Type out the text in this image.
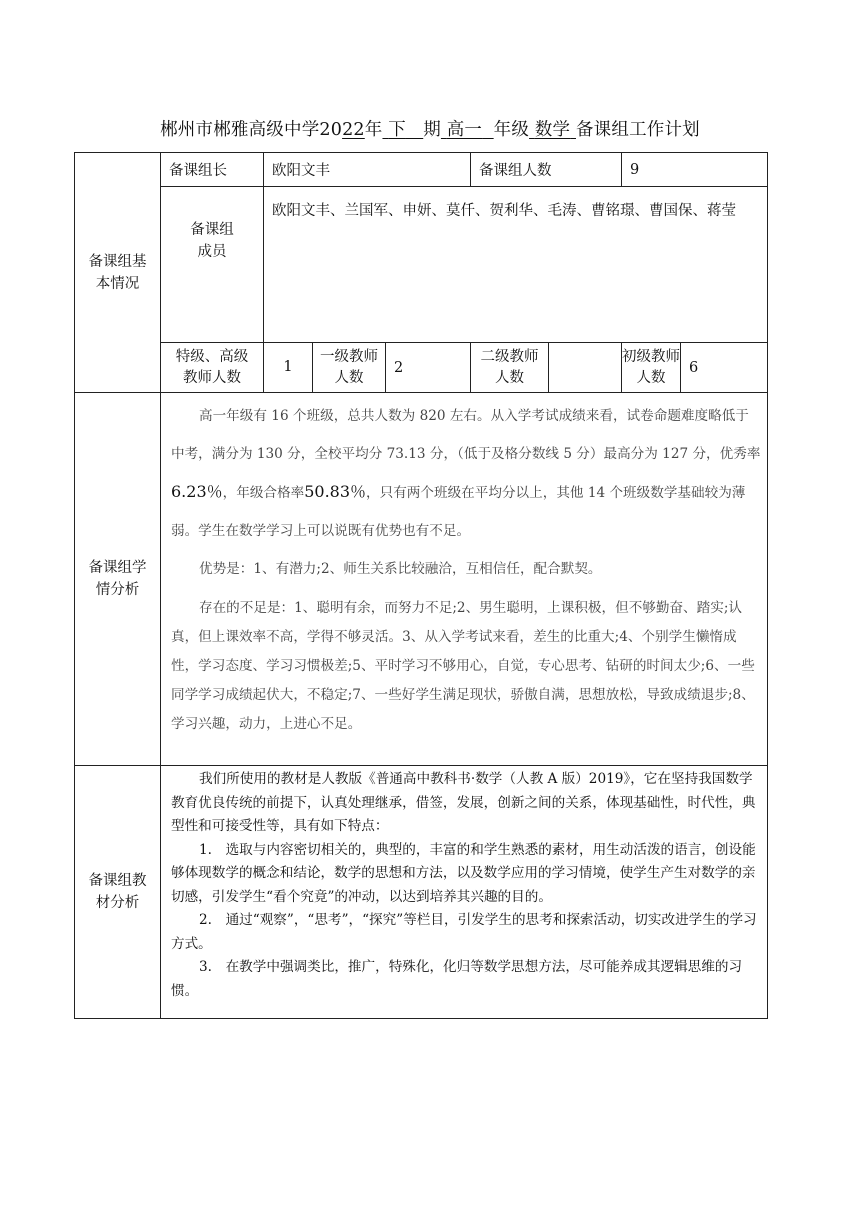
郴州市郴雅高级中学2022年 下 期 高一 年级 数学 备课组工作计划
备课组基本情况	备课组长	欧阳文丰			备课组人数		9	

	备课组成员	欧阳文丰、兰国军、申妍、莫仟、贺利华、毛涛、曹铭璟、曹国保、蒋莹						

	特级、高级教师人数	1	一级教师人数	2	二级教师人数		初级教师人数	6

备课组学情分析	高一年级有 16 个班级，总共人数为 820 左右。从入学考试成绩来看，试卷命题难度略低于中考，满分为 130 分，全校平均分 73.13 分，（低于及格分数线 5 分）最高分为 127 分，优秀率6.23％，年级合格率50.83％，只有两个班级在平均分以上，其他 14 个班级数学基础较为薄弱。学生在数学学习上可以说既有优势也有不足。

优势是：1、有潜力;2、师生关系比较融洽，互相信任，配合默契。

存在的不足是：1、聪明有余，而努力不足;2、男生聪明，上课积极，但不够勤奋、踏实;认真，但上课效率不高，学得不够灵活。3、从入学考试来看，差生的比重大;4、个别学生懒惰成性，学习态度、学习习惯极差;5、平时学习不够用心，自觉，专心思考、钻研的时间太少;6、一些同学学习成绩起伏大，不稳定;7、一些好学生满足现状，骄傲自满，思想放松，导致成绩退步;8、学习兴趣，动力，上进心不足。							

备课组教材分析	我们所使用的教材是人教版《普通高中教科书·数学（人教 A 版）2019》，它在坚持我国数学教育优良传统的前提下，认真处理继承，借签，发展，创新之间的关系，体现基础性，时代性，典型性和可接受性等，具有如下特点：

1.　选取与内容密切相关的，典型的，丰富的和学生熟悉的素材，用生动活泼的语言，创设能够体现数学的概念和结论，数学的思想和方法，以及数学应用的学习情境，使学生产生对数学的亲切感，引发学生“看个究竟”的冲动，以达到培养其兴趣的目的。

2.　通过“观察”，“思考”，“探究”等栏目，引发学生的思考和探索活动，切实改进学生的学习方式。

3.　在教学中强调类比，推广，特殊化，化归等数学思想方法，尽可能养成其逻辑思维的习惯。							
